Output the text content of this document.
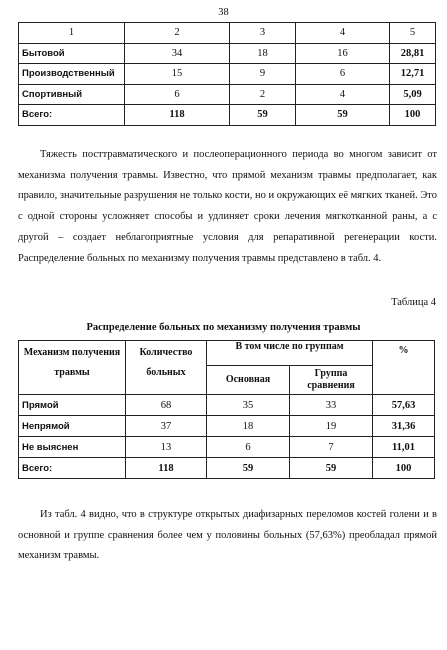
38
1	2	3	4	5
Бытовой	34	18	16	28,81
Производственный	15	9	6	12,71
Спортивный	6	2	4	5,09
Всего:	118	59	59	100

Тяжесть посттравматического и послеоперационного периода во многом зависит от механизма получения травмы. Известно, что прямой механизм травмы предполагает, как правило, значительные разрушения не только кости, но и окружающих её мягких тканей. Это с одной стороны усложняет способы и удлиняет сроки лечения мягкотканной раны, а с другой – создает неблагоприятные условия для репаративной регенерации кости. Распределение больных по механизму получения травмы представлено в табл. 4.

Таблица 4
Распределение больных по механизму получения травмы
Механизм получения травмы	Количество больных	В том числе по группам		%
		Основная	Группа сравнения	
Прямой	68	35	33	57,63
Непрямой	37	18	19	31,36
Не выяснен	13	6	7	11,01
Всего:	118	59	59	100

Из табл. 4 видно, что в структуре открытых диафизарных переломов костей голени и в основной и группе сравнения более чем у половины больных (57,63%) преобладал прямой механизм травмы.
